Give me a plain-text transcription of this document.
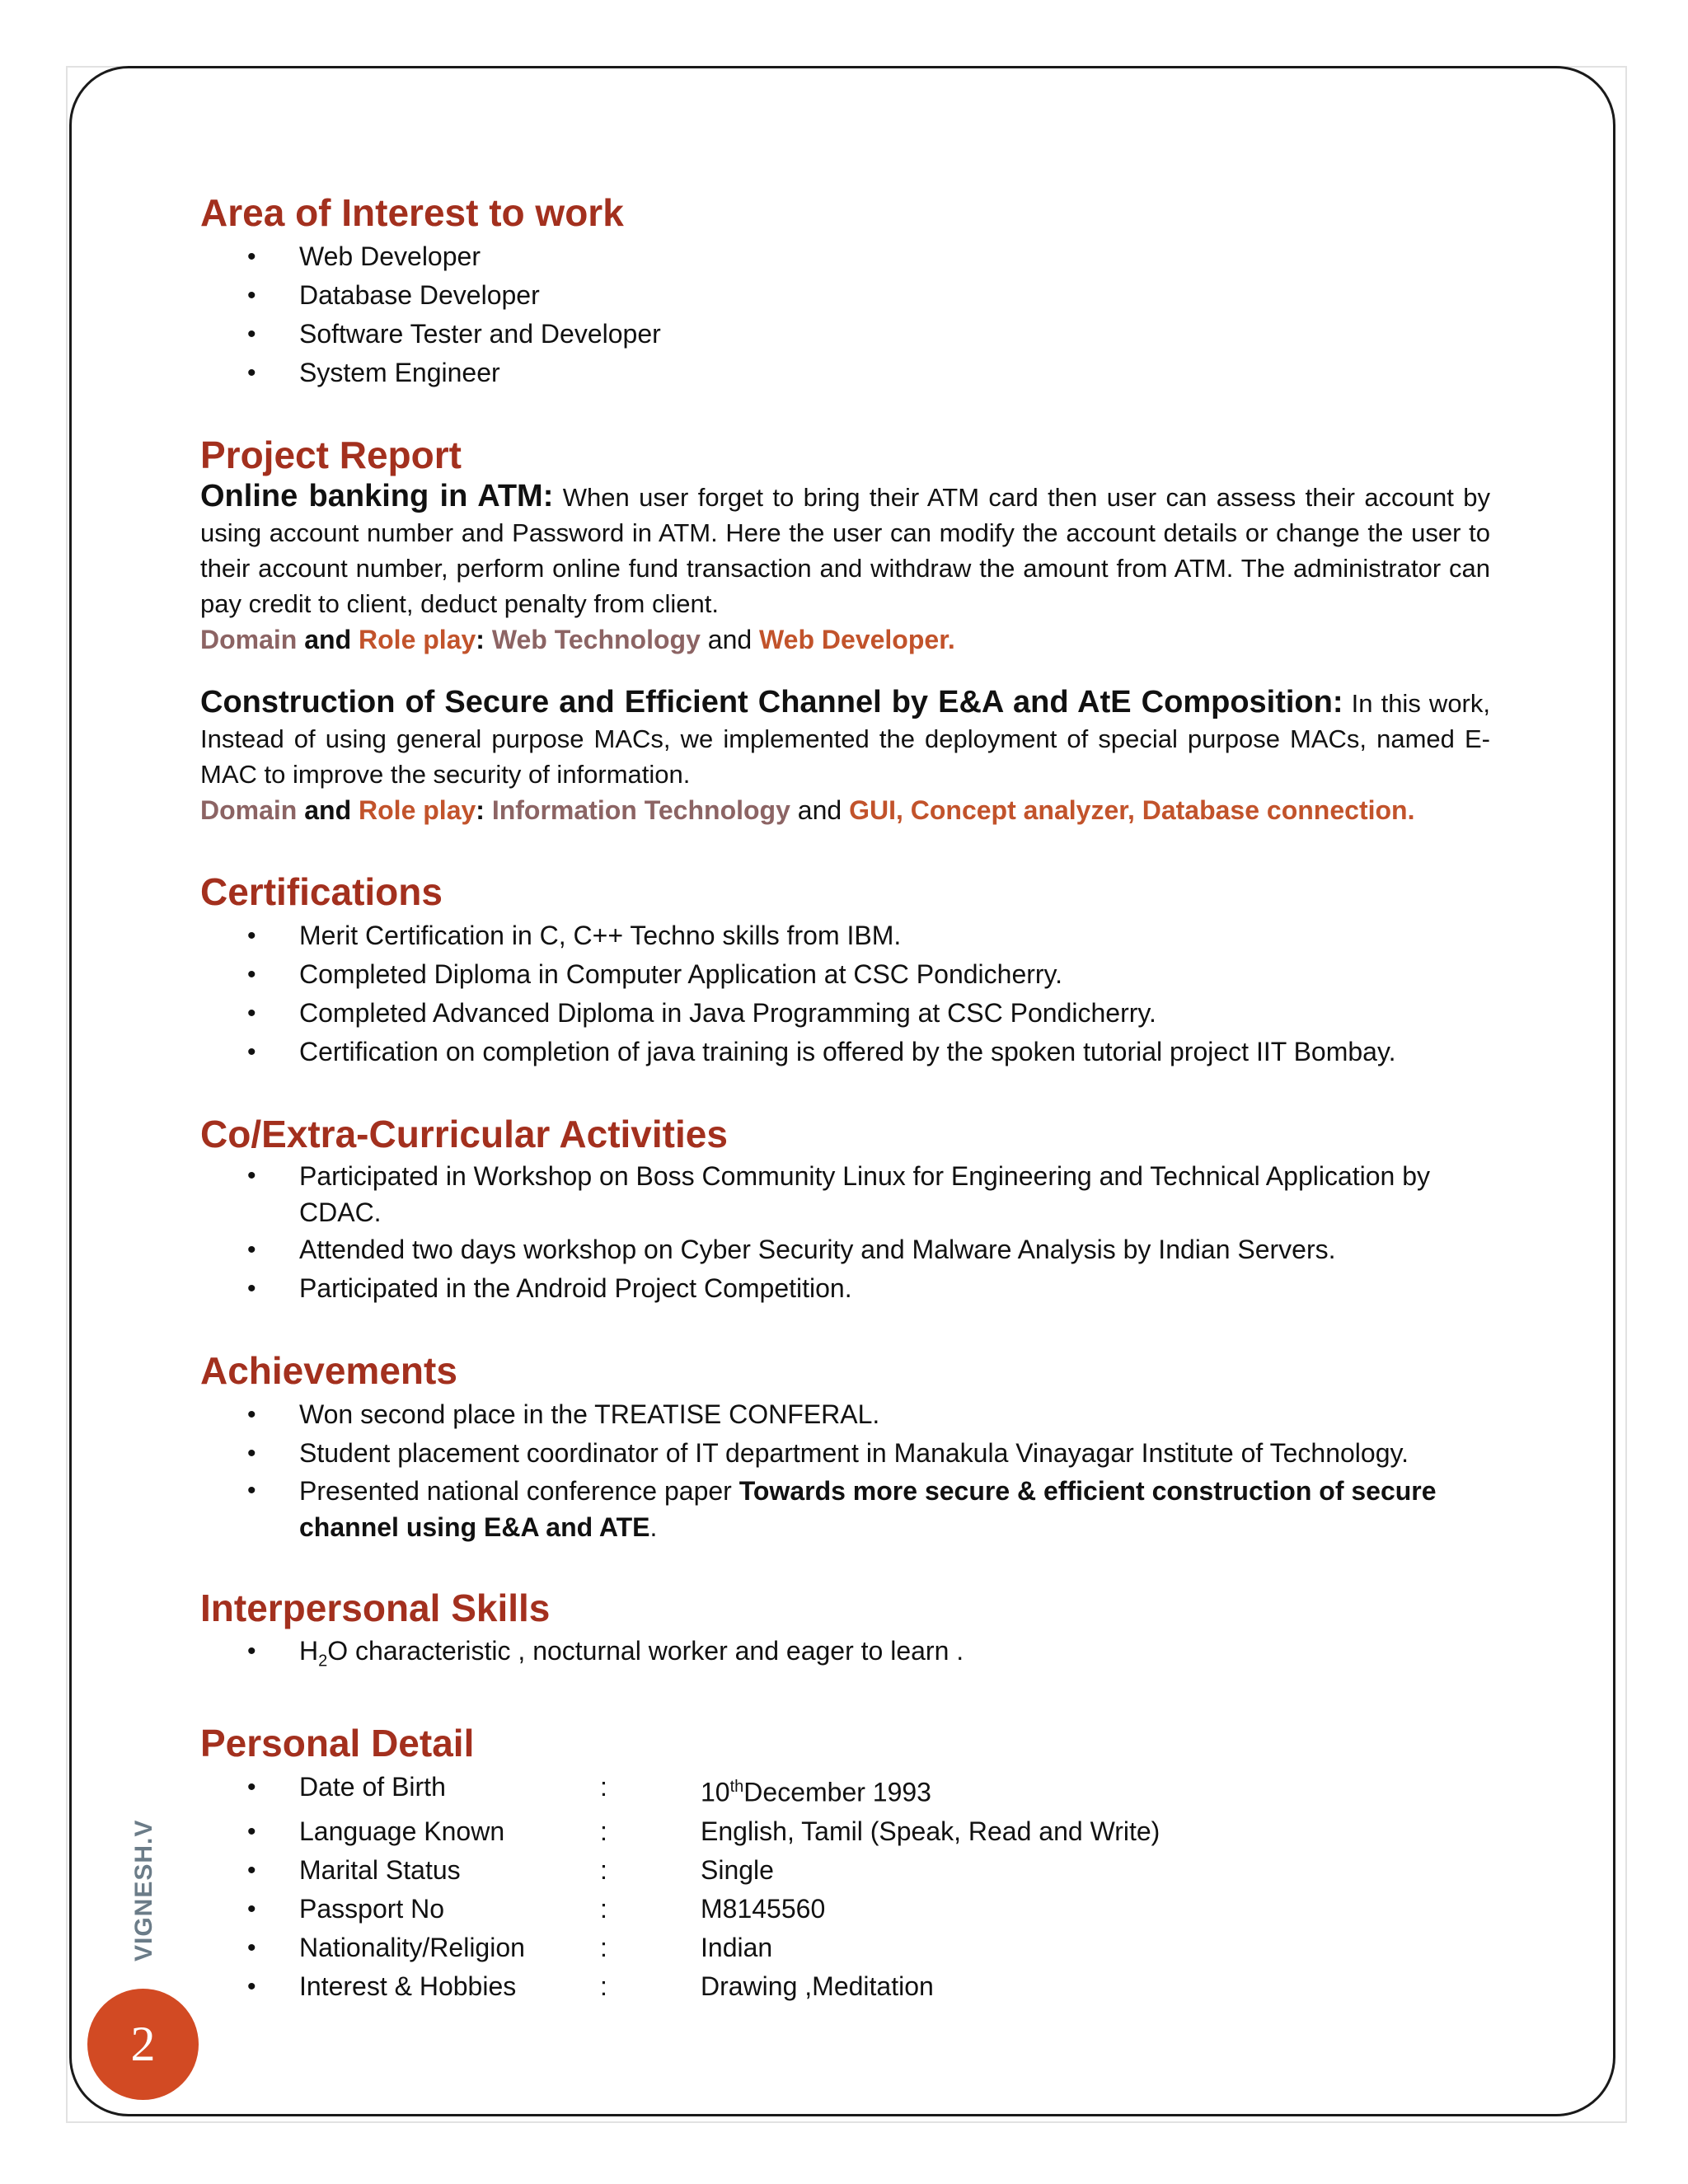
Area of Interest to work
• Web Developer
• Database Developer
• Software Tester and Developer
• System Engineer
Project Report

Online banking in ATM: When user forget to bring their ATM card then user can assess their account by using account number and Password in ATM. Here the user can modify the account details or change the user to their account number, perform online fund transaction and withdraw the amount from ATM. The administrator can pay credit to client, deduct penalty from client.

Domain and Role play: Web Technology and Web Developer.

Construction of Secure and Efficient Channel by E&A and AtE Composition: In this work, Instead of using general purpose MACs, we implemented the deployment of special purpose MACs, named E-MAC to improve the security of information.

Domain and Role play: Information Technology and GUI, Concept analyzer, Database connection.

Certifications
• Merit Certification in C, C++ Techno skills from IBM.
• Completed Diploma in Computer Application at CSC Pondicherry.
• Completed Advanced Diploma in Java Programming at CSC Pondicherry.
• Certification on completion of java training is offered by the spoken tutorial project IIT Bombay.
Co/Extra-Curricular Activities
• Participated in Workshop on Boss Community Linux for Engineering and Technical Application by CDAC.
• Attended two days workshop on Cyber Security and Malware Analysis by Indian Servers.
• Participated in the Android Project Competition.
Achievements
• Won second place in the TREATISE CONFERAL.
• Student placement coordinator of IT department in Manakula Vinayagar Institute of Technology.
• Presented national conference paper Towards more secure & efficient construction of secure channel using E&A and ATE.
Interpersonal Skills
• $H_2O$ characteristic , nocturnal worker and eager to learn .
Personal Detail
• Date of Birth	:	10thDecember 1993
• Language Known	:	English, Tamil (Speak, Read and Write)
• Marital Status	:	Single
• Passport No	:	M8145560
• Nationality/Religion	:	Indian
• Interest & Hobbies	:	Drawing ,Meditation
VIGNESH.V
2
